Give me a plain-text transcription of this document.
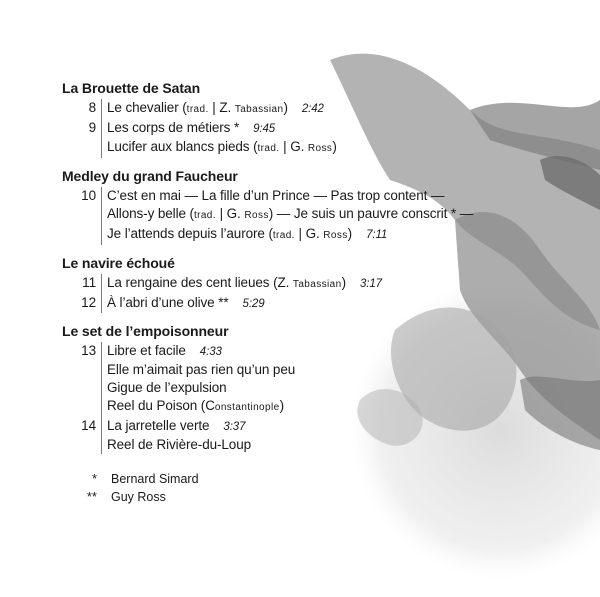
La Brouette de Satan
8 Le chevalier (trad. | Z. Tabassian) 2:42
9 Les corps de métiers * 9:45
Lucifer aux blancs pieds (trad. | G. Ross)
Medley du grand Faucheur
10 C’est en mai — La fille d’un Prince — Pas trop content —
Allons-y belle (trad. | G. Ross) — Je suis un pauvre conscrit * —
Je l’attends depuis l’aurore (trad. | G. Ross) 7:11
Le navire échoué
11 La rengaine des cent lieues (Z. Tabassian) 3:17
12 À l’abri d’une olive ** 5:29
Le set de l’empoisonneur
13 Libre et facile 4:33
Elle m’aimait pas rien qu’un peu
Gigue de l’expulsion
Reel du Poison (Constantinople)
14 La jarretelle verte 3:37
Reel de Rivière-du-Loup
*	Bernard Simard
**	Guy Ross
